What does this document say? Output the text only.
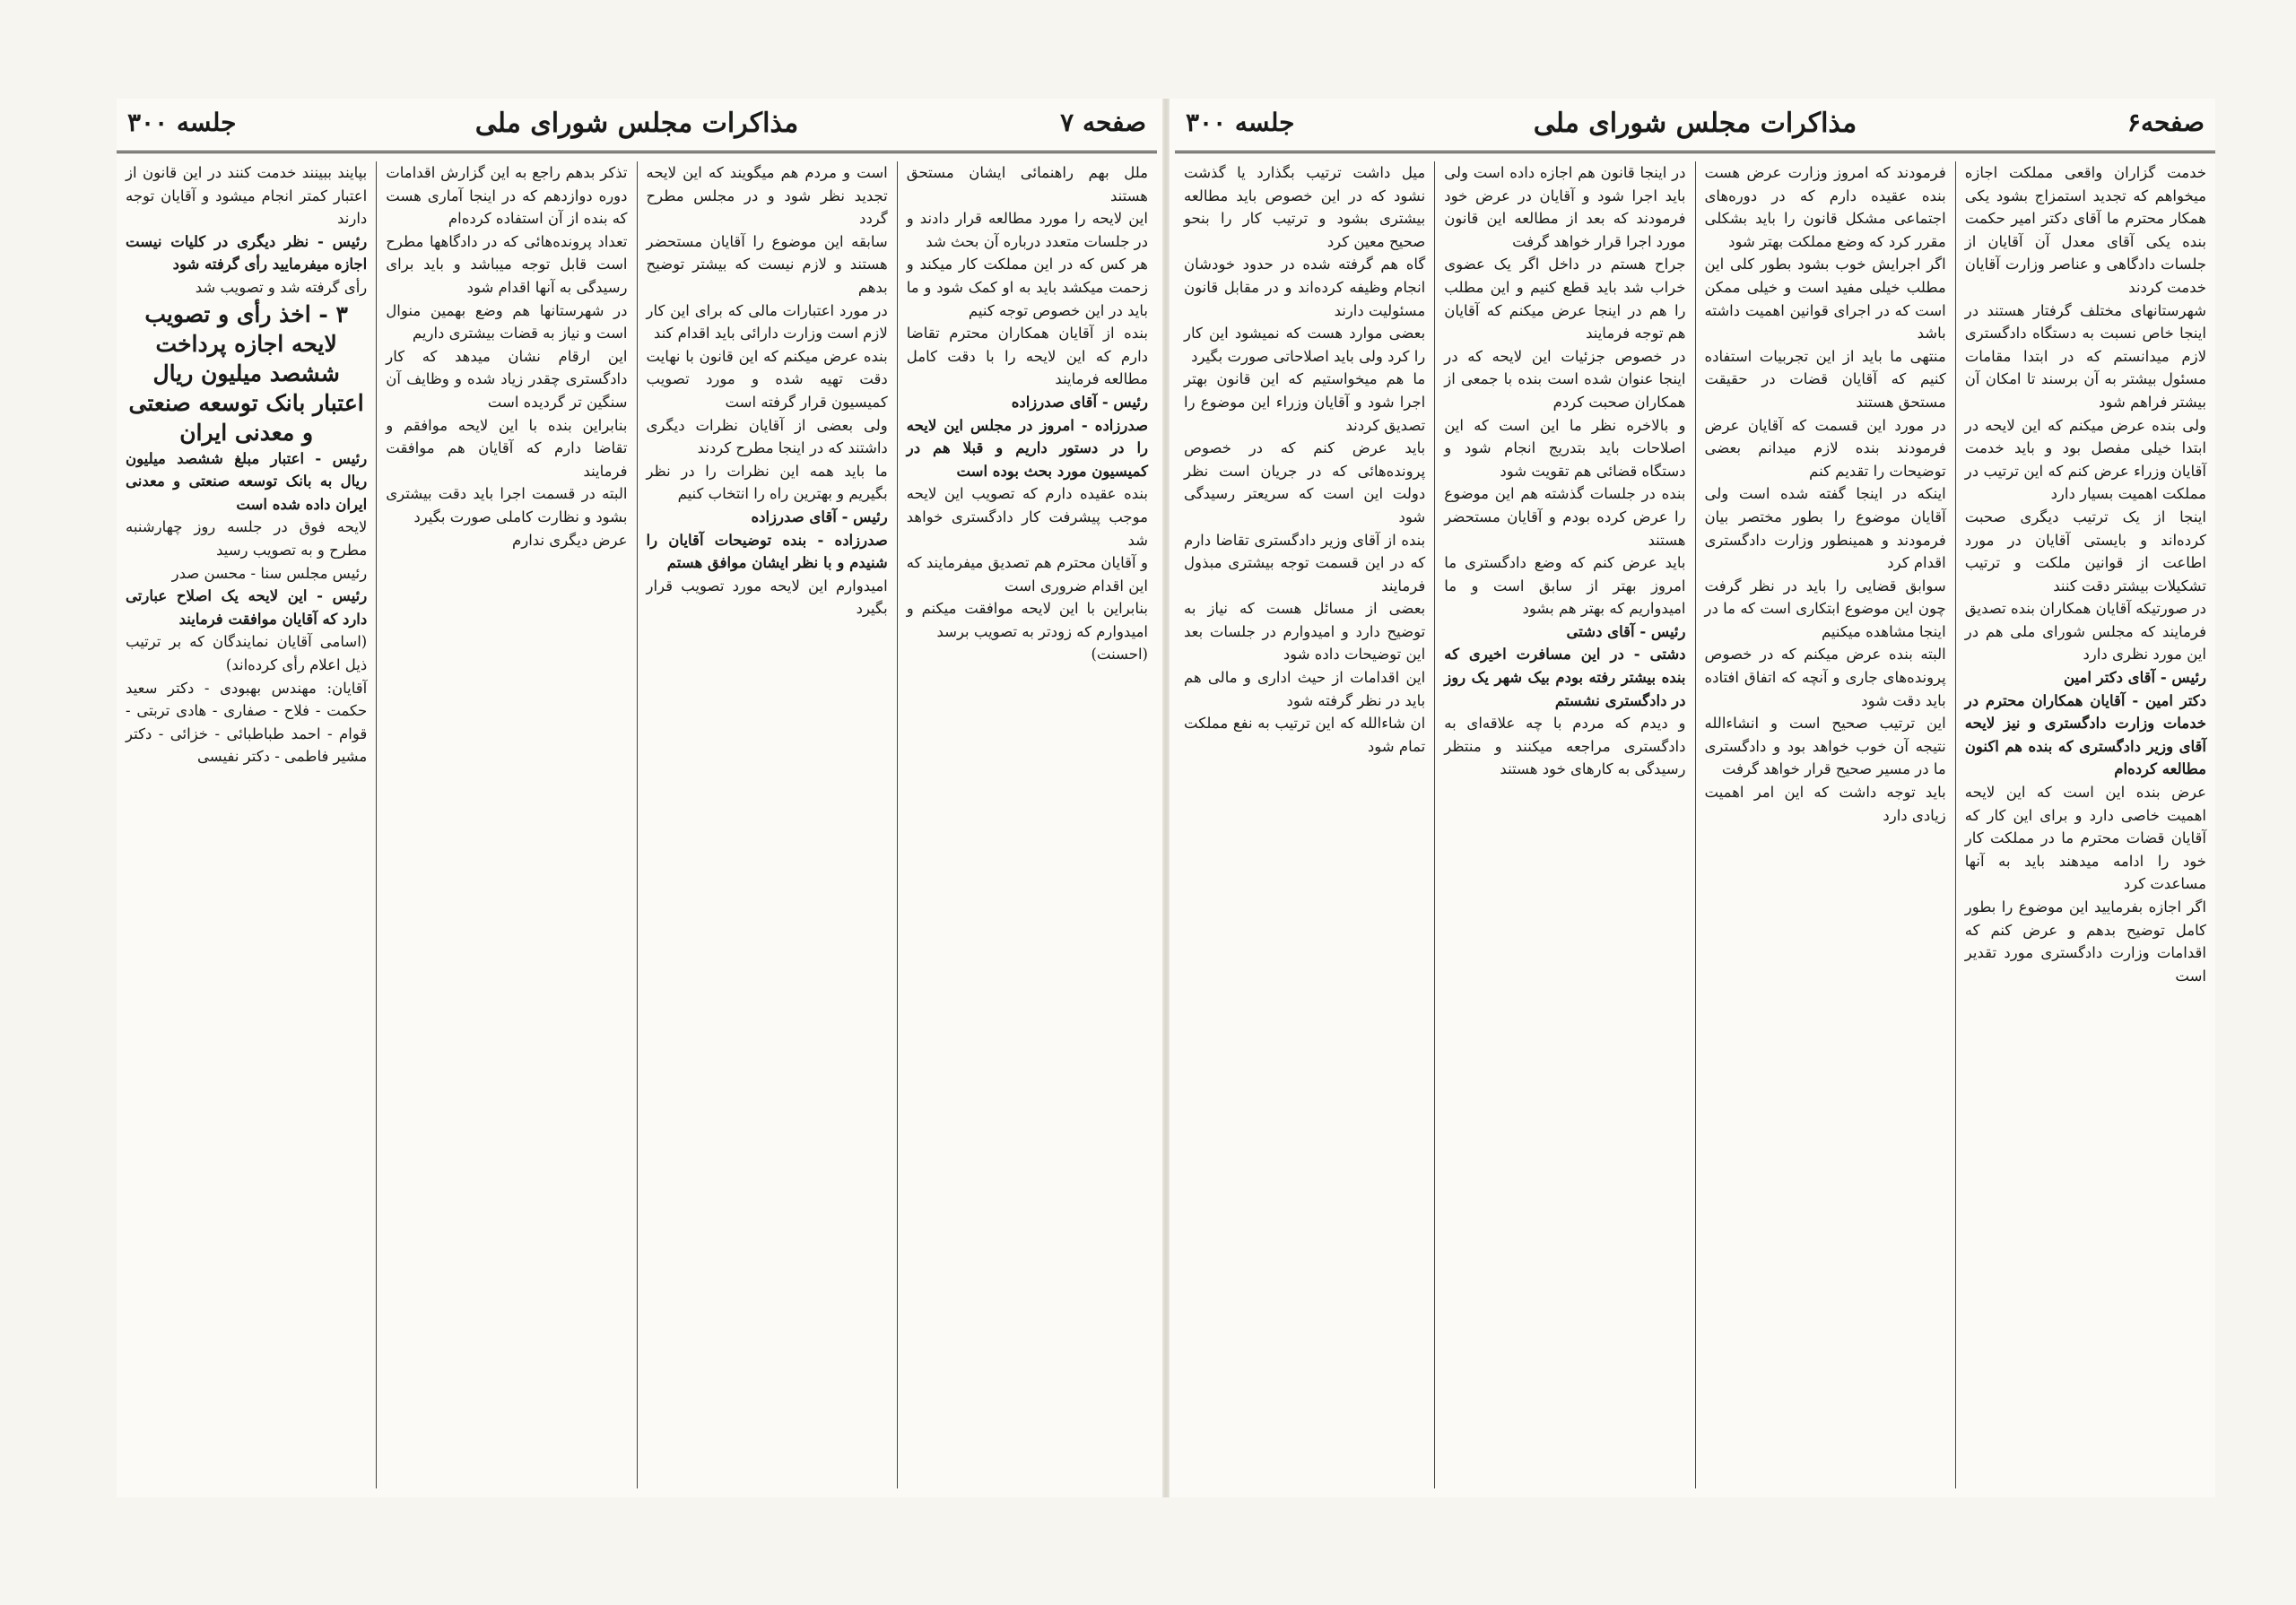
صفحه ۷
مذاکرات مجلس شورای ملی
جلسه ۳۰۰

ملل بهم راهنمائی ایشان مستحق هستند

این لایحه را مورد مطالعه قرار دادند و در جلسات متعدد درباره آن بحث شد

هر کس که در این مملکت کار میکند و زحمت میکشد باید به او کمک شود و ما باید در این خصوص توجه کنیم

بنده از آقایان همکاران محترم تقاضا دارم که این لایحه را با دقت کامل مطالعه فرمایند

رئیس - آقای صدرزاده

صدرزاده - امروز در مجلس این لایحه را در دستور داریم و قبلا هم در کمیسیون مورد بحث بوده است

بنده عقیده دارم که تصویب این لایحه موجب پیشرفت کار دادگستری خواهد شد

و آقایان محترم هم تصدیق میفرمایند که این اقدام ضروری است

بنابراین با این لایحه موافقت میکنم و امیدوارم که زودتر به تصویب برسد

(احسنت)

است و مردم هم میگویند که این لایحه تجدید نظر شود و در مجلس مطرح گردد

سابقه این موضوع را آقایان مستحضر هستند و لازم نیست که بیشتر توضیح بدهم

در مورد اعتبارات مالی که برای این کار لازم است وزارت دارائی باید اقدام کند

بنده عرض میکنم که این قانون با نهایت دقت تهیه شده و مورد تصویب کمیسیون قرار گرفته است

ولی بعضی از آقایان نظرات دیگری داشتند که در اینجا مطرح کردند

ما باید همه این نظرات را در نظر بگیریم و بهترین راه را انتخاب کنیم

رئیس - آقای صدرزاده

صدرزاده - بنده توضیحات آقایان را شنیدم و با نظر ایشان موافق هستم

امیدوارم این لایحه مورد تصویب قرار بگیرد

تذکر بدهم راجع به این گزارش اقدامات دوره دوازدهم که در اینجا آماری هست که بنده از آن استفاده کرده‌ام

تعداد پرونده‌هائی که در دادگاهها مطرح است قابل توجه میباشد و باید برای رسیدگی به آنها اقدام شود

در شهرستانها هم وضع بهمین منوال است و نیاز به قضات بیشتری داریم

این ارقام نشان میدهد که کار دادگستری چقدر زیاد شده و وظایف آن سنگین تر گردیده است

بنابراین بنده با این لایحه موافقم و تقاضا دارم که آقایان هم موافقت فرمایند

البته در قسمت اجرا باید دقت بیشتری بشود و نظارت کاملی صورت بگیرد

عرض دیگری ندارم

بپایند ببینند خدمت کنند در این قانون از اعتبار کمتر انجام میشود و آقایان توجه دارند

رئیس - نظر دیگری در کلیات نیست اجازه میفرمایید رأی گرفته شود

رأی گرفته شد و تصویب شد

۳ - اخذ رأی و تصویب لایحه اجازه پرداخت ششصد میلیون ریال اعتبار بانک توسعه صنعتی و معدنی ایران

رئیس - اعتبار مبلغ ششصد میلیون ریال به بانک توسعه صنعتی و معدنی ایران داده شده است

لایحه فوق در جلسه روز چهارشنبه مطرح و به تصویب رسید

رئیس مجلس سنا - محسن صدر

رئیس - این لایحه یک اصلاح عبارتی دارد که آقایان موافقت فرمایند

(اسامی آقایان نمایندگان که بر ترتیب ذیل اعلام رأی کرده‌اند)

آقایان: مهندس بهبودی - دکتر سعید حکمت - فلاح - صفاری - هادی تربتی - قوام - احمد طباطبائی - خزائی - دکتر مشیر فاطمی - دکتر نفیسی

صفحه۶
مذاکرات مجلس شورای ملی
جلسه ۳۰۰

خدمت گزاران واقعی مملکت اجازه میخواهم که تجدید استمزاج بشود یکی همکار محترم ما آقای دکتر امیر حکمت بنده یکی آقای معدل آن آقایان از جلسات دادگاهی و عناصر وزارت آقایان خدمت کردند

شهرستانهای مختلف گرفتار هستند در اینجا خاص نسبت به دستگاه دادگستری لازم میدانستم که در ابتدا مقامات مسئول بیشتر به آن برسند تا امکان آن بیشتر فراهم شود

ولی بنده عرض میکنم که این لایحه در ابتدا خیلی مفصل بود و باید خدمت آقایان وزراء عرض کنم که این ترتیب در مملکت اهمیت بسیار دارد

اینجا از یک ترتیب دیگری صحبت کرده‌اند و بایستی آقایان در مورد اطاعت از قوانین ملکت و ترتیب تشکیلات بیشتر دقت کنند

در صورتیکه آقایان همکاران بنده تصدیق فرمایند که مجلس شورای ملی هم در این مورد نظری دارد

رئیس - آقای دکتر امین

دکتر امین - آقایان همکاران محترم در خدمات وزارت دادگستری و نیز لایحه آقای وزیر دادگستری که بنده هم اکنون مطالعه کرده‌ام

عرض بنده این است که این لایحه اهمیت خاصی دارد و برای این کار که آقایان قضات محترم ما در مملکت کار خود را ادامه میدهند باید به آنها مساعدت کرد

اگر اجازه بفرمایید این موضوع را بطور کامل توضیح بدهم و عرض کنم که اقدامات وزارت دادگستری مورد تقدیر است

فرمودند که امروز وزارت عرض هست بنده عقیده دارم که در دوره‌های اجتماعی مشکل قانون را باید بشکلی مقرر کرد که وضع مملکت بهتر شود

اگر اجرایش خوب بشود بطور کلی این مطلب خیلی مفید است و خیلی ممکن است که در اجرای قوانین اهمیت داشته باشد

منتهی ما باید از این تجربیات استفاده کنیم که آقایان قضات در حقیقت مستحق هستند

در مورد این قسمت که آقایان عرض فرمودند بنده لازم میدانم بعضی توضیحات را تقدیم کنم

اینکه در اینجا گفته شده است ولی آقایان موضوع را بطور مختصر بیان فرمودند و همینطور وزارت دادگستری اقدام کرد

سوابق قضایی را باید در نظر گرفت چون این موضوع ابتکاری است که ما در اینجا مشاهده میکنیم

البته بنده عرض میکنم که در خصوص پرونده‌های جاری و آنچه که اتفاق افتاده باید دقت شود

این ترتیب صحیح است و انشاءالله نتیجه آن خوب خواهد بود و دادگستری ما در مسیر صحیح قرار خواهد گرفت

باید توجه داشت که این امر اهمیت زیادی دارد

در اینجا قانون هم اجازه داده است ولی باید اجرا شود و آقایان در عرض خود فرمودند که بعد از مطالعه این قانون مورد اجرا قرار خواهد گرفت

جراح هستم در داخل اگر یک عضوی خراب شد باید قطع کنیم و این مطلب را هم در اینجا عرض میکنم که آقایان هم توجه فرمایند

در خصوص جزئیات این لایحه که در اینجا عنوان شده است بنده با جمعی از همکاران صحبت کردم

و بالاخره نظر ما این است که این اصلاحات باید بتدریج انجام شود و دستگاه قضائی هم تقویت شود

بنده در جلسات گذشته هم این موضوع را عرض کرده بودم و آقایان مستحضر هستند

باید عرض کنم که وضع دادگستری ما امروز بهتر از سابق است و ما امیدواریم که بهتر هم بشود

رئیس - آقای دشتی

دشتی - در این مسافرت اخیری که بنده بیشتر رفته بودم بیک شهر یک روز در دادگستری نشستم

و دیدم که مردم با چه علاقه‌ای به دادگستری مراجعه میکنند و منتظر رسیدگی به کارهای خود هستند

میل داشت ترتیب بگذارد یا گذشت نشود که در این خصوص باید مطالعه بیشتری بشود و ترتیب کار را بنحو صحیح معین کرد

گاه هم گرفته شده در حدود خودشان انجام وظیفه کرده‌اند و در مقابل قانون مسئولیت دارند

بعضی موارد هست که نمیشود این کار را کرد ولی باید اصلاحاتی صورت بگیرد

ما هم میخواستیم که این قانون بهتر اجرا شود و آقایان وزراء این موضوع را تصدیق کردند

باید عرض کنم که در خصوص پرونده‌هائی که در جریان است نظر دولت این است که سریعتر رسیدگی شود

بنده از آقای وزیر دادگستری تقاضا دارم که در این قسمت توجه بیشتری مبذول فرمایند

بعضی از مسائل هست که نیاز به توضیح دارد و امیدوارم در جلسات بعد این توضیحات داده شود

این اقدامات از حیث اداری و مالی هم باید در نظر گرفته شود

ان شاءالله که این ترتیب به نفع مملکت تمام شود
